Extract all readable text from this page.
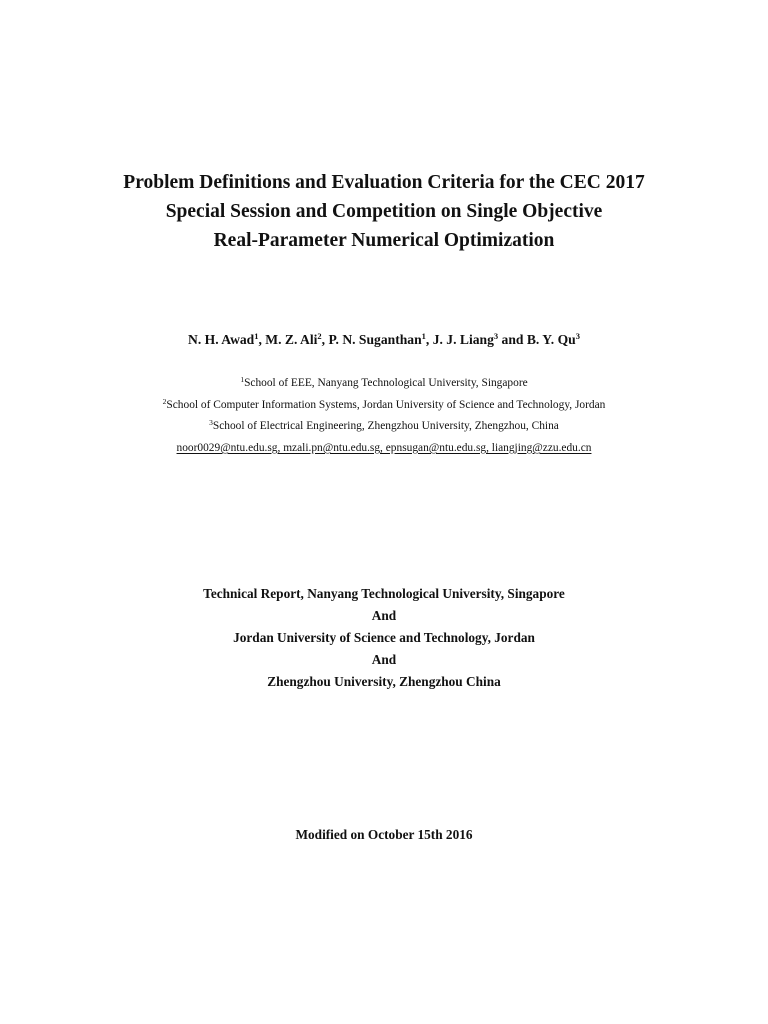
Problem Definitions and Evaluation Criteria for the CEC 2017
Special Session and Competition on Single Objective
Real-Parameter Numerical Optimization
N. H. Awad$^1$, M. Z. Ali$^2$, P. N. Suganthan$^1$, J. J. Liang$^3$ and B. Y. Qu$^3$
$^1$School of EEE, Nanyang Technological University, Singapore
$^2$School of Computer Information Systems, Jordan University of Science and Technology, Jordan
$^3$School of Electrical Engineering, Zhengzhou University, Zhengzhou, China
noor0029@ntu.edu.sg, mzali.pn@ntu.edu.sg, epnsugan@ntu.edu.sg, liangjing@zzu.edu.cn
Technical Report, Nanyang Technological University, Singapore
And
Jordan University of Science and Technology, Jordan
And
Zhengzhou University, Zhengzhou China
Modified on October 15th 2016
